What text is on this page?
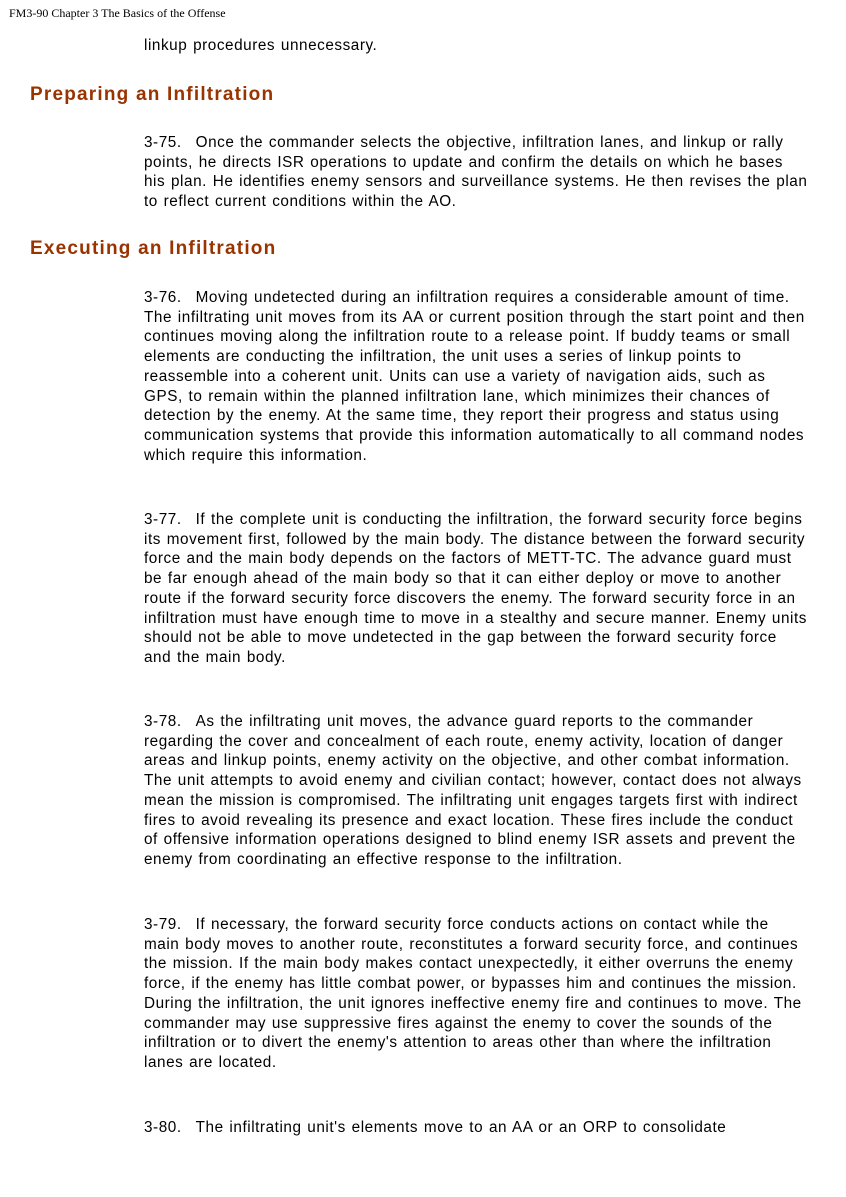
FM3-90 Chapter 3 The Basics of the Offense

linkup procedures unnecessary.

Preparing an Infiltration

3-75. Once the commander selects the objective, infiltration lanes, and linkup or rally points, he directs ISR operations to update and confirm the details on which he bases his plan. He identifies enemy sensors and surveillance systems. He then revises the plan to reflect current conditions within the AO.

Executing an Infiltration

3-76. Moving undetected during an infiltration requires a considerable amount of time. The infiltrating unit moves from its AA or current position through the start point and then continues moving along the infiltration route to a release point. If buddy teams or small elements are conducting the infiltration, the unit uses a series of linkup points to reassemble into a coherent unit. Units can use a variety of navigation aids, such as GPS, to remain within the planned infiltration lane, which minimizes their chances of detection by the enemy. At the same time, they report their progress and status using communication systems that provide this information automatically to all command nodes which require this information.

3-77. If the complete unit is conducting the infiltration, the forward security force begins its movement first, followed by the main body. The distance between the forward security force and the main body depends on the factors of METT-TC. The advance guard must be far enough ahead of the main body so that it can either deploy or move to another route if the forward security force discovers the enemy. The forward security force in an infiltration must have enough time to move in a stealthy and secure manner. Enemy units should not be able to move undetected in the gap between the forward security force and the main body.

3-78. As the infiltrating unit moves, the advance guard reports to the commander regarding the cover and concealment of each route, enemy activity, location of danger areas and linkup points, enemy activity on the objective, and other combat information. The unit attempts to avoid enemy and civilian contact; however, contact does not always mean the mission is compromised. The infiltrating unit engages targets first with indirect fires to avoid revealing its presence and exact location. These fires include the conduct of offensive information operations designed to blind enemy ISR assets and prevent the enemy from coordinating an effective response to the infiltration.

3-79. If necessary, the forward security force conducts actions on contact while the main body moves to another route, reconstitutes a forward security force, and continues the mission. If the main body makes contact unexpectedly, it either overruns the enemy force, if the enemy has little combat power, or bypasses him and continues the mission. During the infiltration, the unit ignores ineffective enemy fire and continues to move. The commander may use suppressive fires against the enemy to cover the sounds of the infiltration or to divert the enemy's attention to areas other than where the infiltration lanes are located.

3-80. The infiltrating unit's elements move to an AA or an ORP to consolidate
